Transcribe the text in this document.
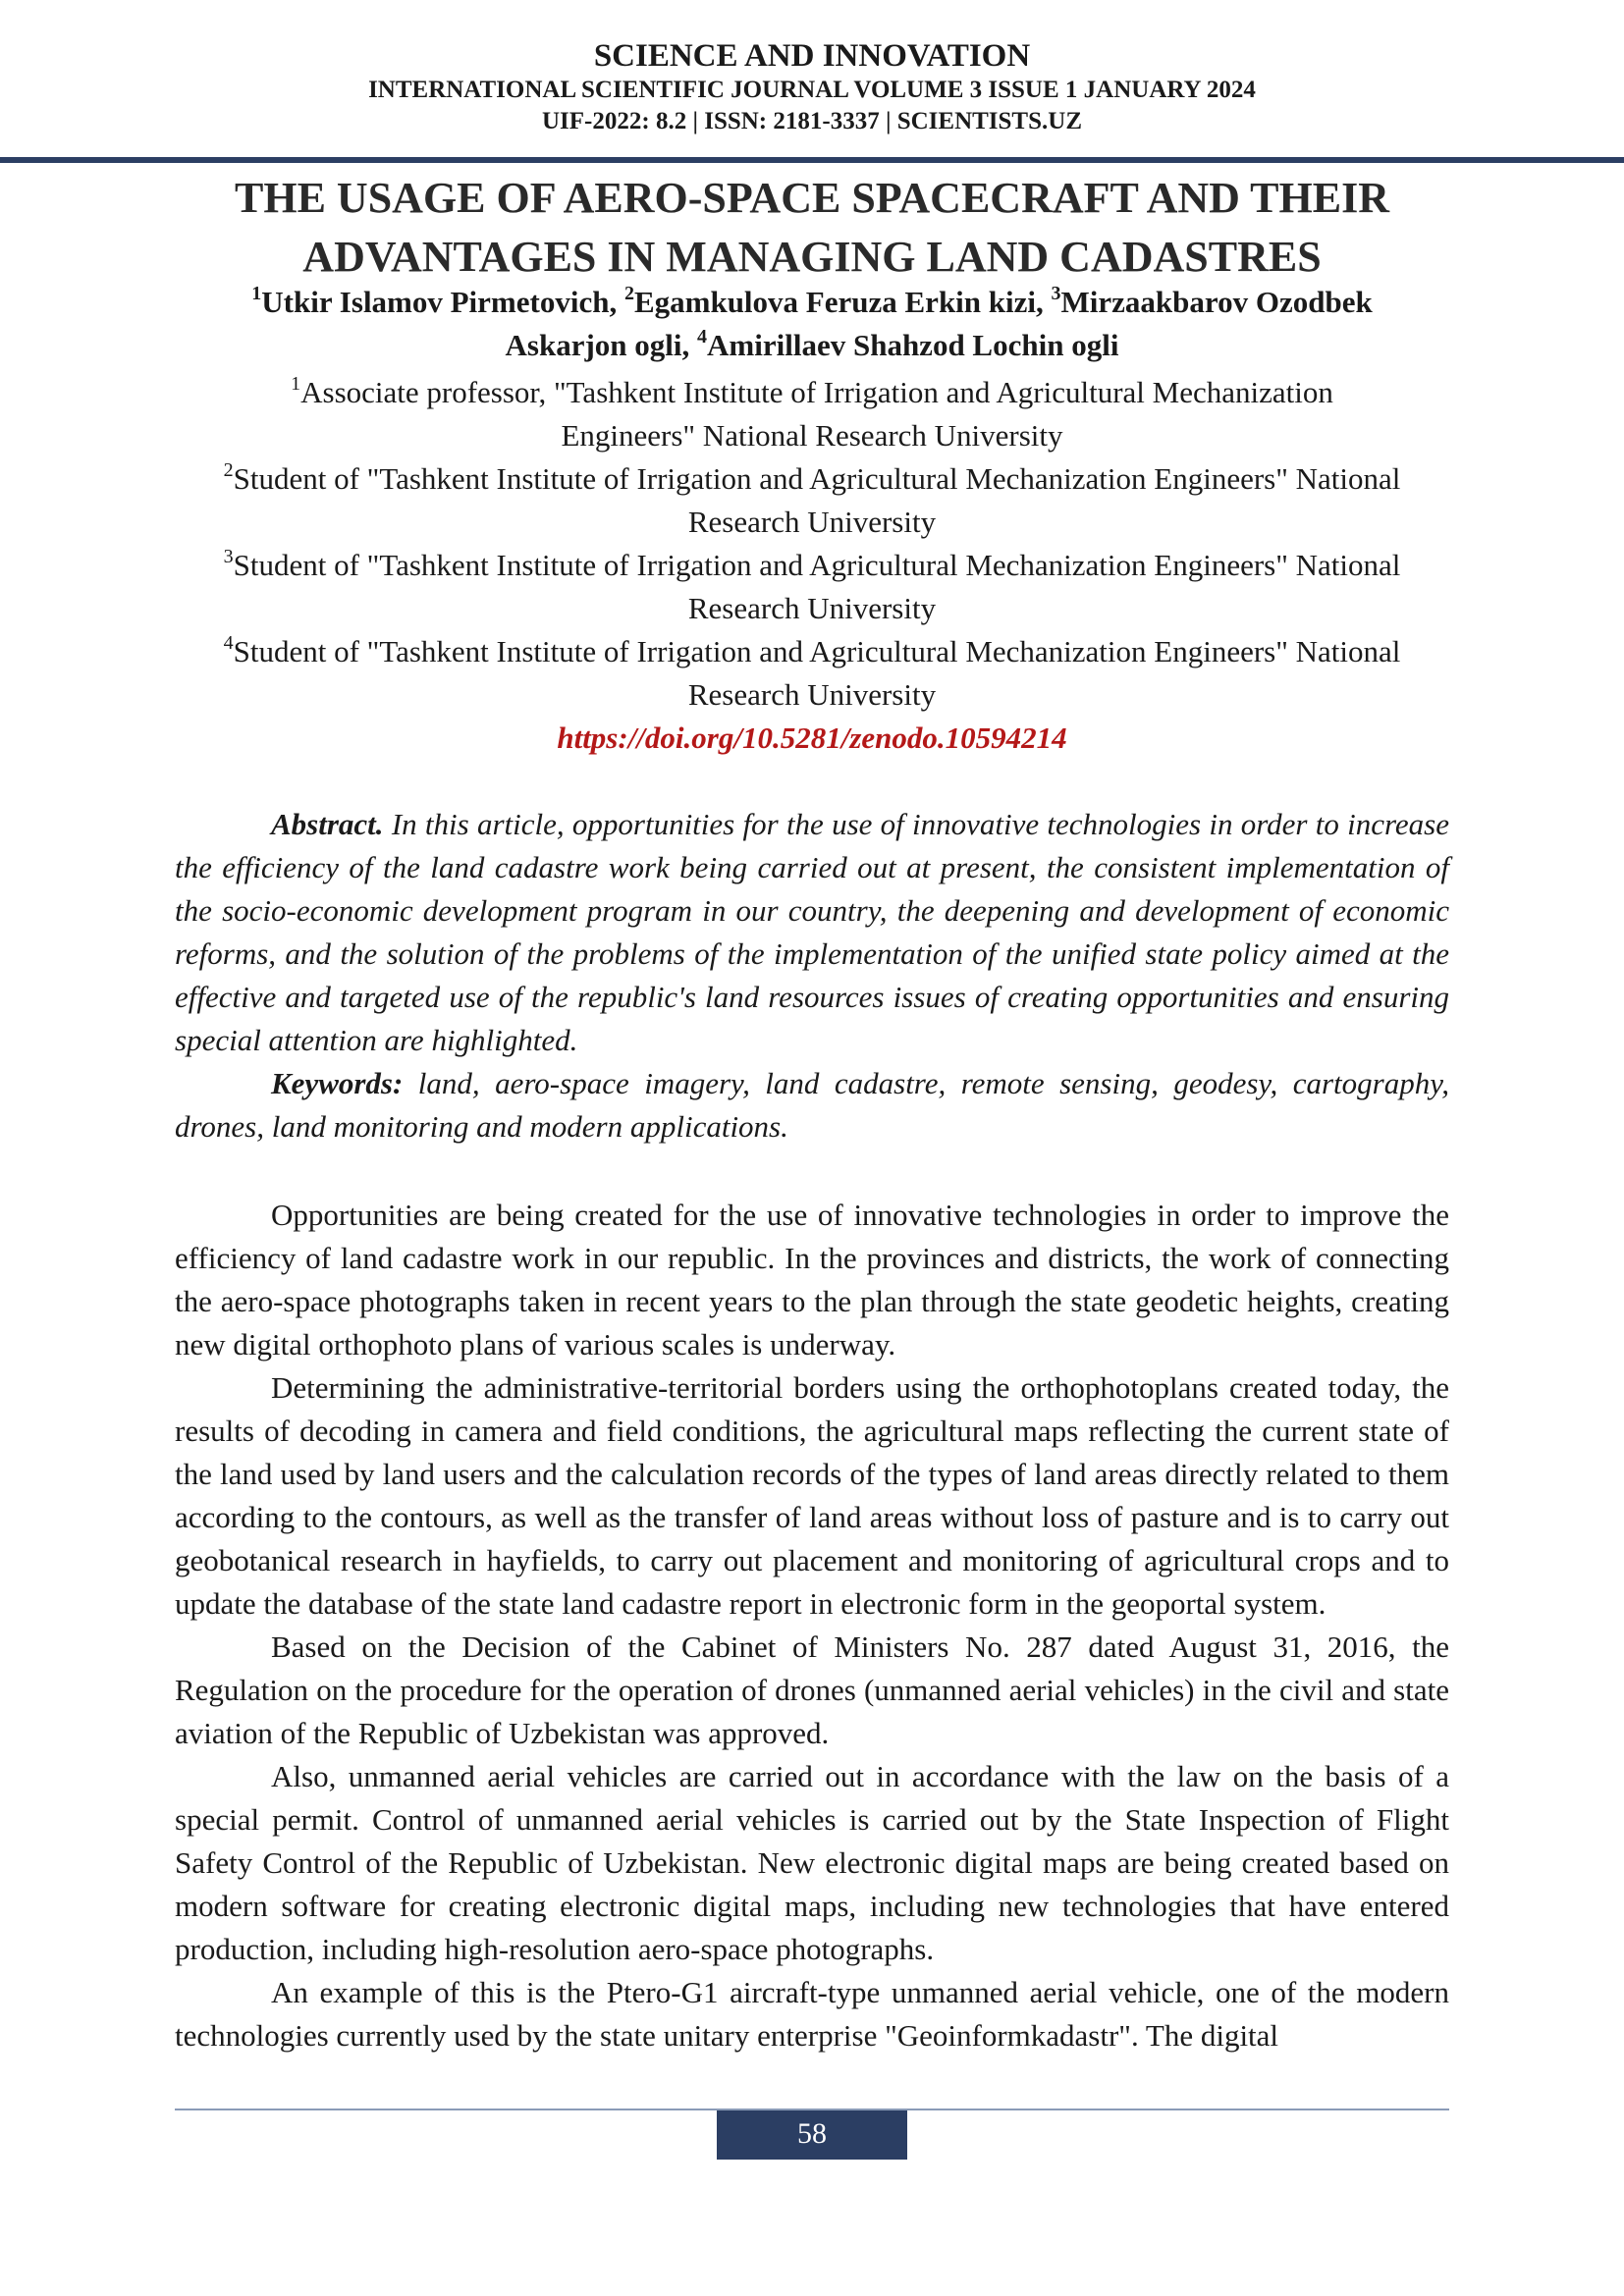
SCIENCE AND INNOVATION
INTERNATIONAL SCIENTIFIC JOURNAL VOLUME 3 ISSUE 1 JANUARY 2024
UIF-2022: 8.2 | ISSN: 2181-3337 | SCIENTISTS.UZ
THE USAGE OF AERO-SPACE SPACECRAFT AND THEIR
ADVANTAGES IN MANAGING LAND CADASTRES
$^1$Utkir Islamov Pirmetovich, $^2$Egamkulova Feruza Erkin kizi, $^3$Mirzaakbarov Ozodbek
Askarjon ogli, $^4$Amirillaev Shahzod Lochin ogli
$^1$Associate professor, "Tashkent Institute of Irrigation and Agricultural Mechanization
Engineers" National Research University
$^2$Student of "Tashkent Institute of Irrigation and Agricultural Mechanization Engineers" National
Research University
$^3$Student of "Tashkent Institute of Irrigation and Agricultural Mechanization Engineers" National
Research University
$^4$Student of "Tashkent Institute of Irrigation and Agricultural Mechanization Engineers" National
Research University
https://doi.org/10.5281/zenodo.10594214

Abstract. In this article, opportunities for the use of innovative technologies in order to increase the efficiency of the land cadastre work being carried out at present, the consistent implementation of the socio-economic development program in our country, the deepening and development of economic reforms, and the solution of the problems of the implementation of the unified state policy aimed at the effective and targeted use of the republic's land resources issues of creating opportunities and ensuring special attention are highlighted.

Keywords: land, aero-space imagery, land cadastre, remote sensing, geodesy, cartography, drones, land monitoring and modern applications.

Opportunities are being created for the use of innovative technologies in order to improve the efficiency of land cadastre work in our republic. In the provinces and districts, the work of connecting the aero-space photographs taken in recent years to the plan through the state geodetic heights, creating new digital orthophoto plans of various scales is underway.

Determining the administrative-territorial borders using the orthophotoplans created today, the results of decoding in camera and field conditions, the agricultural maps reflecting the current state of the land used by land users and the calculation records of the types of land areas directly related to them according to the contours, as well as the transfer of land areas without loss of pasture and is to carry out geobotanical research in hayfields, to carry out placement and monitoring of agricultural crops and to update the database of the state land cadastre report in electronic form in the geoportal system.

Based on the Decision of the Cabinet of Ministers No. 287 dated August 31, 2016, the Regulation on the procedure for the operation of drones (unmanned aerial vehicles) in the civil and state aviation of the Republic of Uzbekistan was approved.

Also, unmanned aerial vehicles are carried out in accordance with the law on the basis of a special permit. Control of unmanned aerial vehicles is carried out by the State Inspection of Flight Safety Control of the Republic of Uzbekistan. New electronic digital maps are being created based on modern software for creating electronic digital maps, including new technologies that have entered production, including high-resolution aero-space photographs.

An example of this is the Ptero-G1 aircraft-type unmanned aerial vehicle, one of the modern technologies currently used by the state unitary enterprise "Geoinformkadastr". The digital

58
